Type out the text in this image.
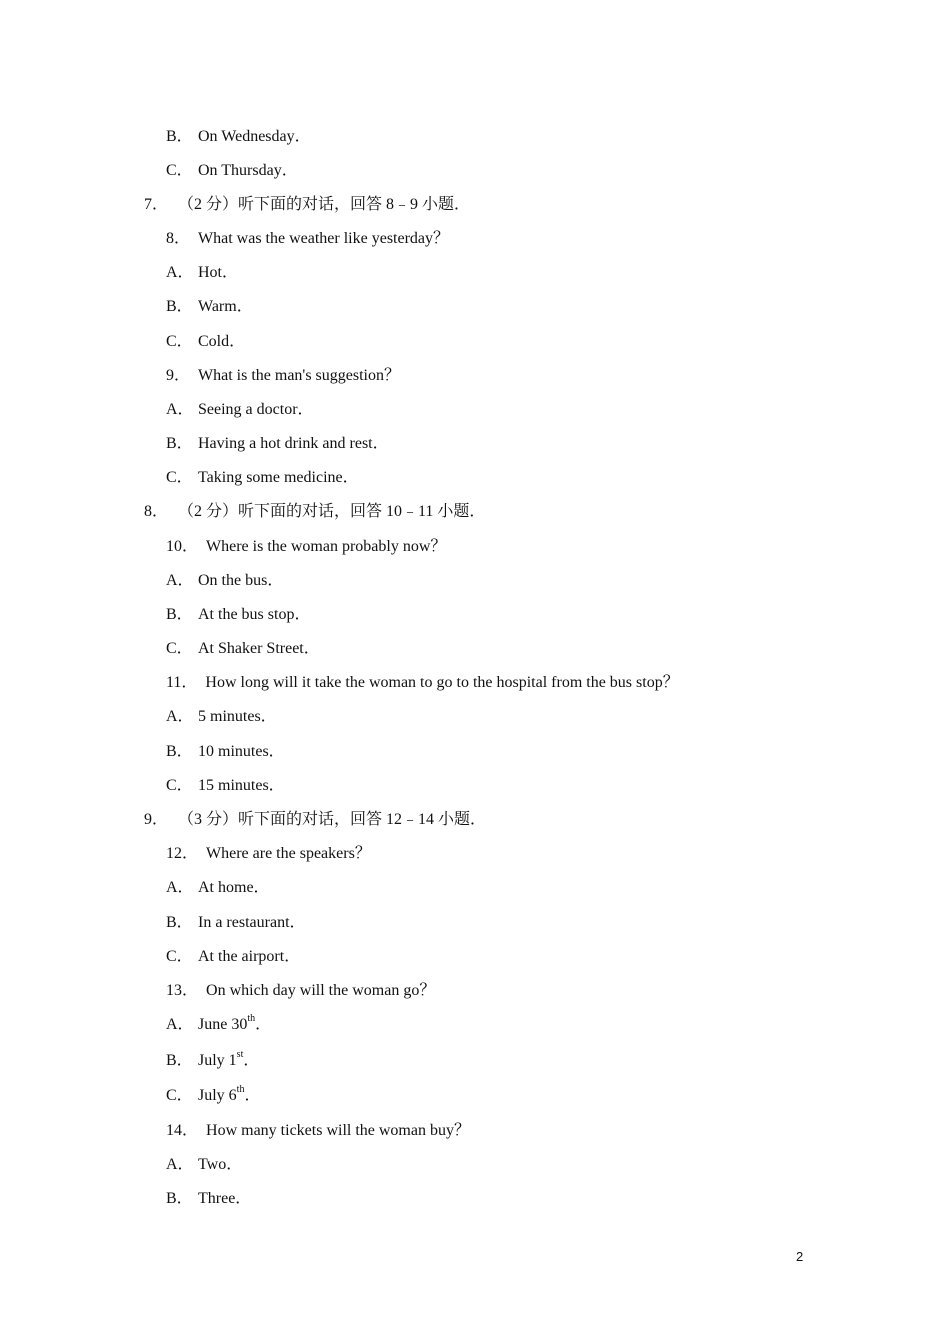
B． On Wednesday．
C． On Thursday．
7． （2 分）听下面的对话，回答 8﹣9 小题．
8． What was the weather like yesterday？
A． Hot．
B． Warm．
C． Cold．
9． What is the man's suggestion？
A． Seeing a doctor．
B． Having a hot drink and rest．
C． Taking some medicine．
8． （2 分）听下面的对话，回答 10﹣11 小题．
10． Where is the woman probably now？
A． On the bus．
B． At the bus stop．
C． At Shaker Street．
11． How long will it take the woman to go to the hospital from the bus stop？
A． 5 minutes．
B． 10 minutes．
C． 15 minutes．
9． （3 分）听下面的对话，回答 12﹣14 小题．
12． Where are the speakers？
A． At home．
B． In a restaurant．
C． At the airport．
13． On which day will the woman go？
A． June 30th．
B． July 1st．
C． July 6th．
14． How many tickets will the woman buy？
A． Two．
B． Three．
2
